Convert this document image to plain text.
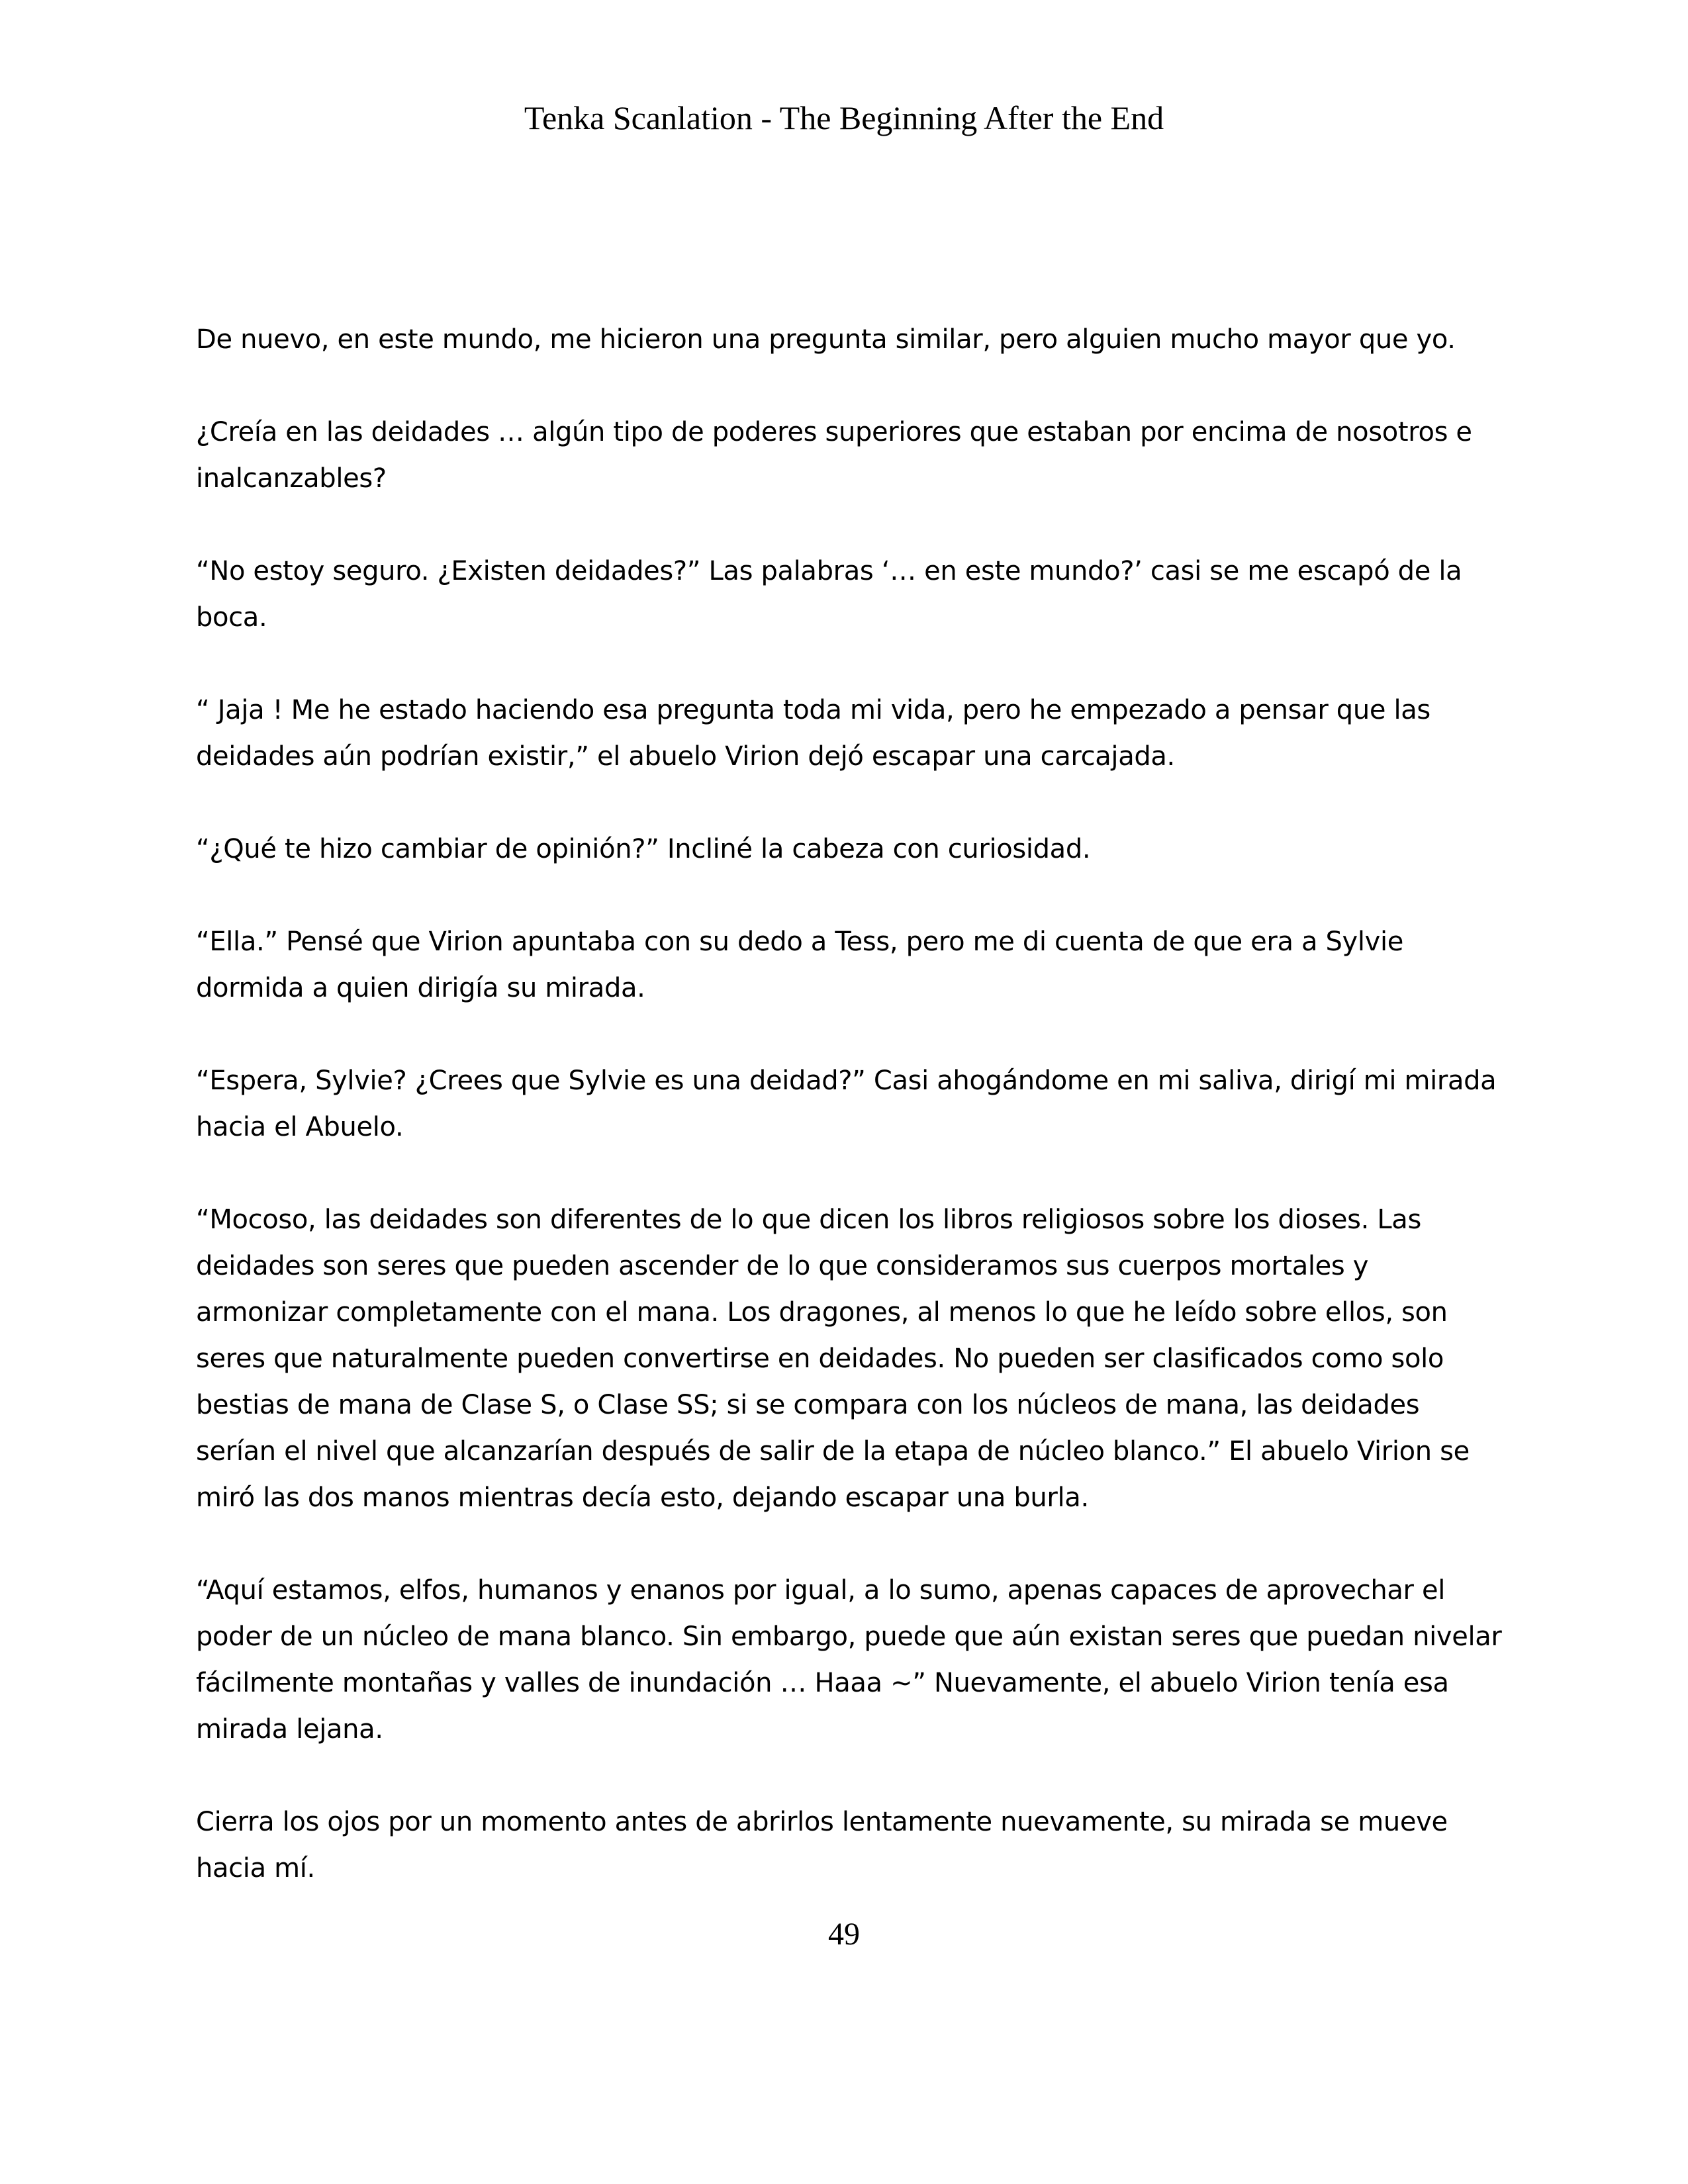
Tenka Scanlation - The Beginning After the End

De nuevo, en este mundo, me hicieron una pregunta similar, pero alguien mucho mayor que yo.

¿Creía en las deidades … algún tipo de poderes superiores que estaban por encima de nosotros e inalcanzables?

“No estoy seguro. ¿Existen deidades?” Las palabras ‘… en este mundo?’ casi se me escapó de la boca.

“ Jaja ! Me he estado haciendo esa pregunta toda mi vida, pero he empezado a pensar que las deidades aún podrían existir,” el abuelo Virion dejó escapar una carcajada.

“¿Qué te hizo cambiar de opinión?” Incliné la cabeza con curiosidad.

“Ella.” Pensé que Virion apuntaba con su dedo a Tess, pero me di cuenta de que era a Sylvie dormida a quien dirigía su mirada.

“Espera, Sylvie? ¿Crees que Sylvie es una deidad?” Casi ahogándome en mi saliva, dirigí mi mirada hacia el Abuelo.

“Mocoso, las deidades son diferentes de lo que dicen los libros religiosos sobre los dioses. Las deidades son seres que pueden ascender de lo que consideramos sus cuerpos mortales y armonizar completamente con el mana. Los dragones, al menos lo que he leído sobre ellos, son seres que naturalmente pueden convertirse en deidades. No pueden ser clasificados como solo bestias de mana de Clase S, o Clase SS; si se compara con los núcleos de mana, las deidades serían el nivel que alcanzarían después de salir de la etapa de núcleo blanco.” El abuelo Virion se miró las dos manos mientras decía esto, dejando escapar una burla.

“Aquí estamos, elfos, humanos y enanos por igual, a lo sumo, apenas capaces de aprovechar el poder de un núcleo de mana blanco. Sin embargo, puede que aún existan seres que puedan nivelar fácilmente montañas y valles de inundación … Haaa ~” Nuevamente, el abuelo Virion tenía esa mirada lejana.

Cierra los ojos por un momento antes de abrirlos lentamente nuevamente, su mirada se mueve hacia mí.

49
